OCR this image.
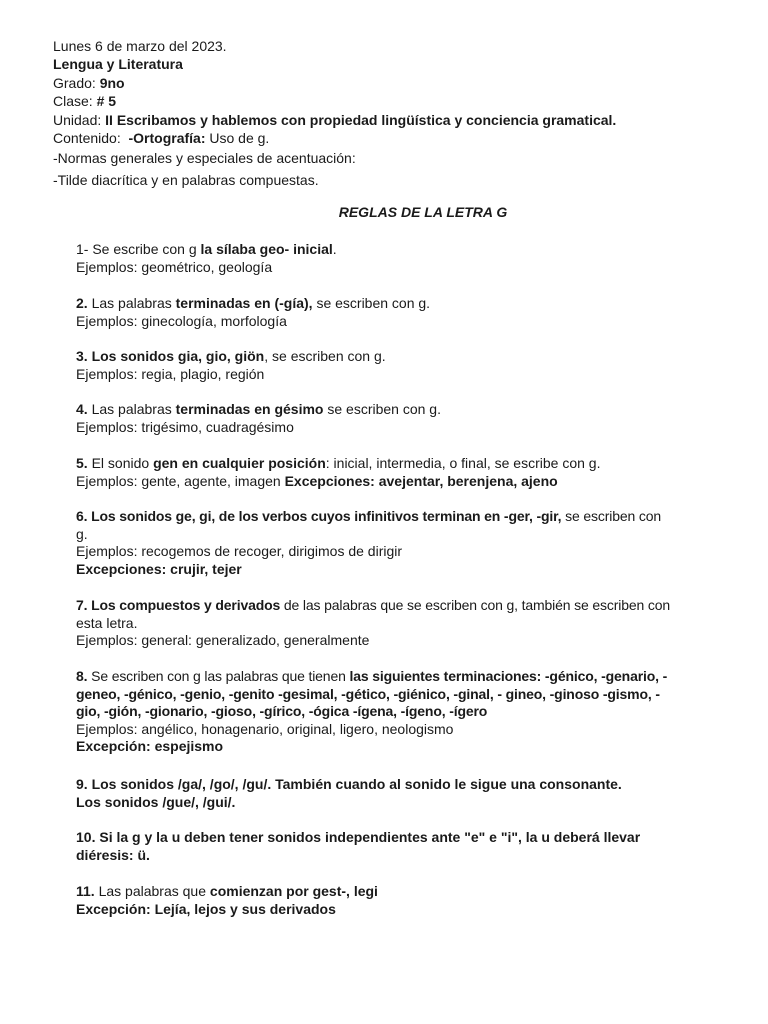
Lunes 6 de marzo del 2023.
Lengua y Literatura
Grado: 9no
Clase: # 5
Unidad: II Escribamos y hablemos con propiedad lingüística y conciencia gramatical.
Contenido:  -Ortografía: Uso de g.
-Normas generales y especiales de acentuación:
-Tilde diacrítica y en palabras compuestas.
REGLAS DE LA LETRA G
1- Se escribe con g la sílaba geo- inicial.
Ejemplos: geométrico, geología
2. Las palabras terminadas en (-gía), se escriben con g.
Ejemplos: ginecología, morfología
3. Los sonidos gia, gio, giön, se escriben con g.
Ejemplos: regia, plagio, región
4. Las palabras terminadas en gésimo se escriben con g.
Ejemplos: trigésimo, cuadragésimo
5. El sonido gen en cualquier posición: inicial, intermedia, o final, se escribe con g.
Ejemplos: gente, agente, imagen Excepciones: avejentar, berenjena, ajeno
6. Los sonidos ge, gi, de los verbos cuyos infinitivos terminan en -ger, -gir, se escriben con
g.
Ejemplos: recogemos de recoger, dirigimos de dirigir
Excepciones: crujir, tejer
7. Los compuestos y derivados de las palabras que se escriben con g, también se escriben con
esta letra.
Ejemplos: general: generalizado, generalmente
8. Se escriben con g las palabras que tienen las siguientes terminaciones: -génico, -genario, -
geneo, -génico, -genio, -genito -gesimal, -gético, -giénico, -ginal, - gineo, -ginoso -gismo, -
gio, -gión, -gionario, -gioso, -gírico, -ógica -ígena, -ígeno, -ígero
Ejemplos: angélico, honagenario, original, ligero, neologismo
Excepción: espejismo
9. Los sonidos /ga/, /go/, /gu/. También cuando al sonido le sigue una consonante.
Los sonidos /gue/, /gui/.
10. Si la g y la u deben tener sonidos independientes ante "e" e "i", la u deberá llevar
diéresis: ü.
11. Las palabras que comienzan por gest-, legi
Excepción: Lejía, lejos y sus derivados
